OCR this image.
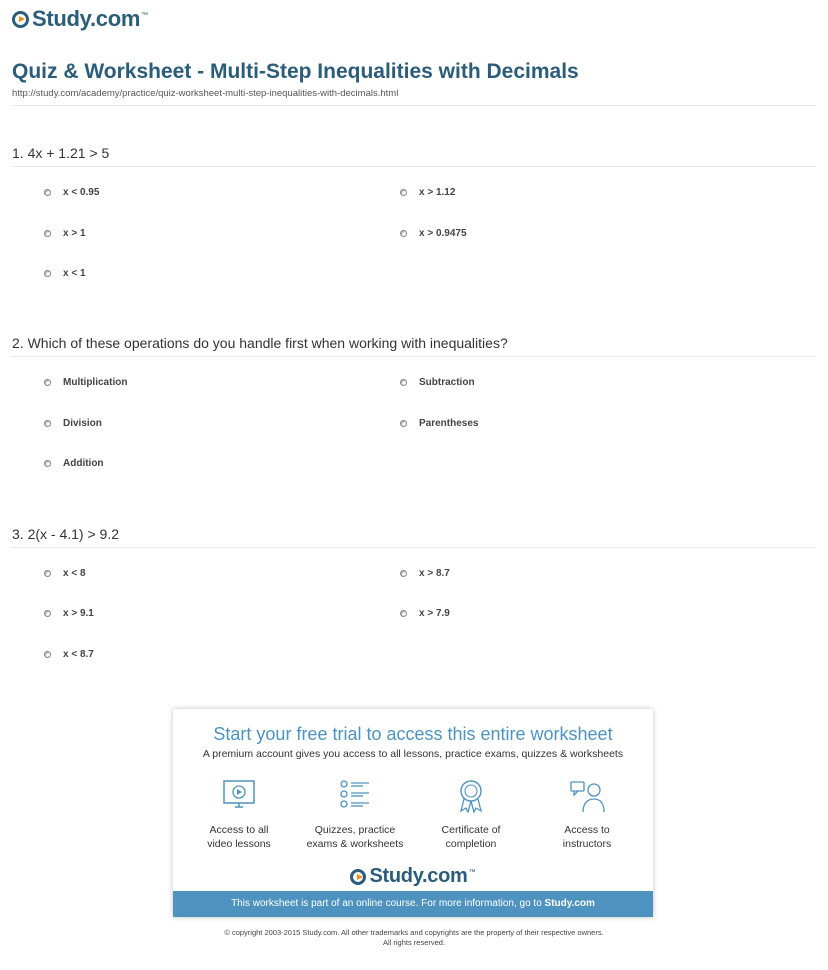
Study.com ™
Quiz & Worksheet - Multi-Step Inequalities with Decimals
http://study.com/academy/practice/quiz-worksheet-multi-step-inequalities-with-decimals.html
1. 4x + 1.21 > 5
x < 0.95	x > 1.12
x > 1	x > 0.9475
x < 1
2. Which of these operations do you handle first when working with inequalities?
Multiplication	Subtraction
Division	Parentheses
Addition
3. 2(x - 4.1) > 9.2
x < 8	x > 8.7
x > 9.1	x > 7.9
x < 8.7
Start your free trial to access this entire worksheet
A premium account gives you access to all lessons, practice exams, quizzes & worksheets
Access to all
video lessons
Quizzes, practice
exams & worksheets
Certificate of
completion
Access to
instructors
Study.com ™
This worksheet is part of an online course. For more information, go to Study.com
© copyright 2003-2015 Study.com. All other trademarks and copyrights are the property of their respective owners.
All rights reserved.
